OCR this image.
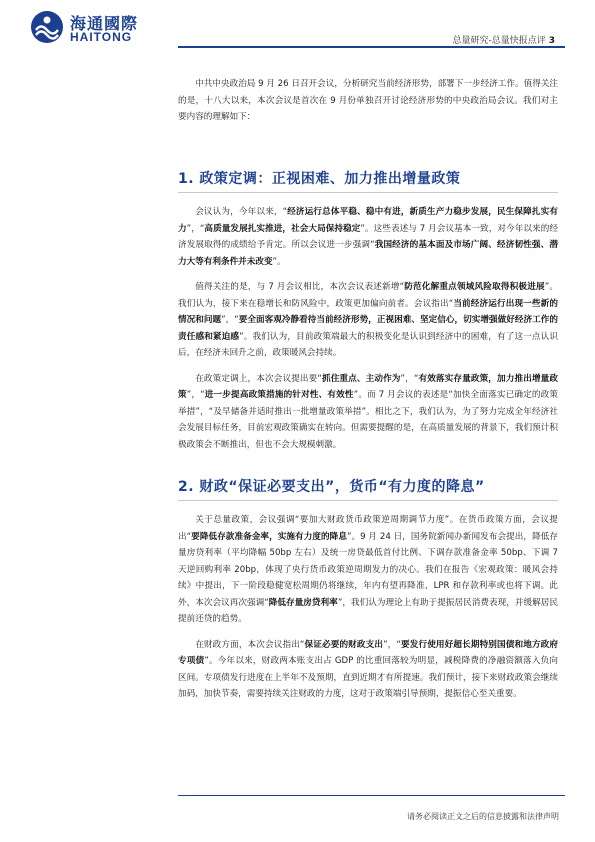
海通國際
HAITONG	总量研究-总量快报点评 3

中共中央政治局 9 月 26 日召开会议，分析研究当前经济形势，部署下一步经济工作。值得关注的是，十八大以来，本次会议是首次在 9 月份单独召开讨论经济形势的中央政治局会议。我们对主要内容的理解如下：

1. 政策定调：正视困难、加力推出增量政策

会议认为，今年以来，“经济运行总体平稳、稳中有进，新质生产力稳步发展，民生保障扎实有力”，“高质量发展扎实推进，社会大局保持稳定”。这些表述与 7 月会议基本一致，对今年以来的经济发展取得的成绩给予肯定。所以会议进一步强调“我国经济的基本面及市场广阔、经济韧性强、潜力大等有利条件并未改变”。

值得关注的是，与 7 月会议相比，本次会议表述新增“防范化解重点领域风险取得积极进展”。我们认为，接下来在稳增长和防风险中，政策更加偏向前者。会议指出“当前经济运行出现一些新的情况和问题”，“要全面客观冷静看待当前经济形势，正视困难、坚定信心，切实增强做好经济工作的责任感和紧迫感”。我们认为，目前政策端最大的积极变化是认识到经济中的困难，有了这一点认识后，在经济未回升之前，政策暖风会持续。

在政策定调上，本次会议提出要“抓住重点、主动作为”，“有效落实存量政策，加力推出增量政策”，“进一步提高政策措施的针对性、有效性”。而 7 月会议的表述是“加快全面落实已确定的政策举措”，“及早储备并适时推出一批增量政策举措”。相比之下，我们认为，为了努力完成全年经济社会发展目标任务，目前宏观政策确实在转向。但需要提醒的是，在高质量发展的背景下，我们预计积极政策会不断推出，但也不会大规模刺激。

2. 财政“保证必要支出”，货币“有力度的降息”

关于总量政策，会议强调“要加大财政货币政策逆周期调节力度”。在货币政策方面，会议提出“要降低存款准备金率，实施有力度的降息”。9 月 24 日，国务院新闻办新闻发布会提出，降低存量房贷利率（平均降幅 50bp 左右）及统一房贷最低首付比例、下调存款准备金率 50bp、下调 7 天逆回购利率 20bp，体现了央行货币政策逆周期发力的决心。我们在报告《宏观政策：暖风会持续》中提出，下一阶段稳健宽松周期仍将继续，年内有望再降准，LPR 和存款利率或也将下调。此外，本次会议再次强调“降低存量房贷利率”，我们认为理论上有助于提振居民消费表现，并缓解居民提前还贷的趋势。

在财政方面，本次会议指出“保证必要的财政支出”，“要发行使用好超长期特别国债和地方政府专项债”。今年以来，财政两本账支出占 GDP 的比重回落较为明显，减税降费的净融资额落入负向区间。专项债发行进度在上半年不及预期，直到近期才有所提速。我们预计，接下来财政政策会继续加码，加快节奏，需要持续关注财政的力度，这对于政策端引导预期，提振信心至关重要。

请务必阅读正文之后的信息披露和法律声明
